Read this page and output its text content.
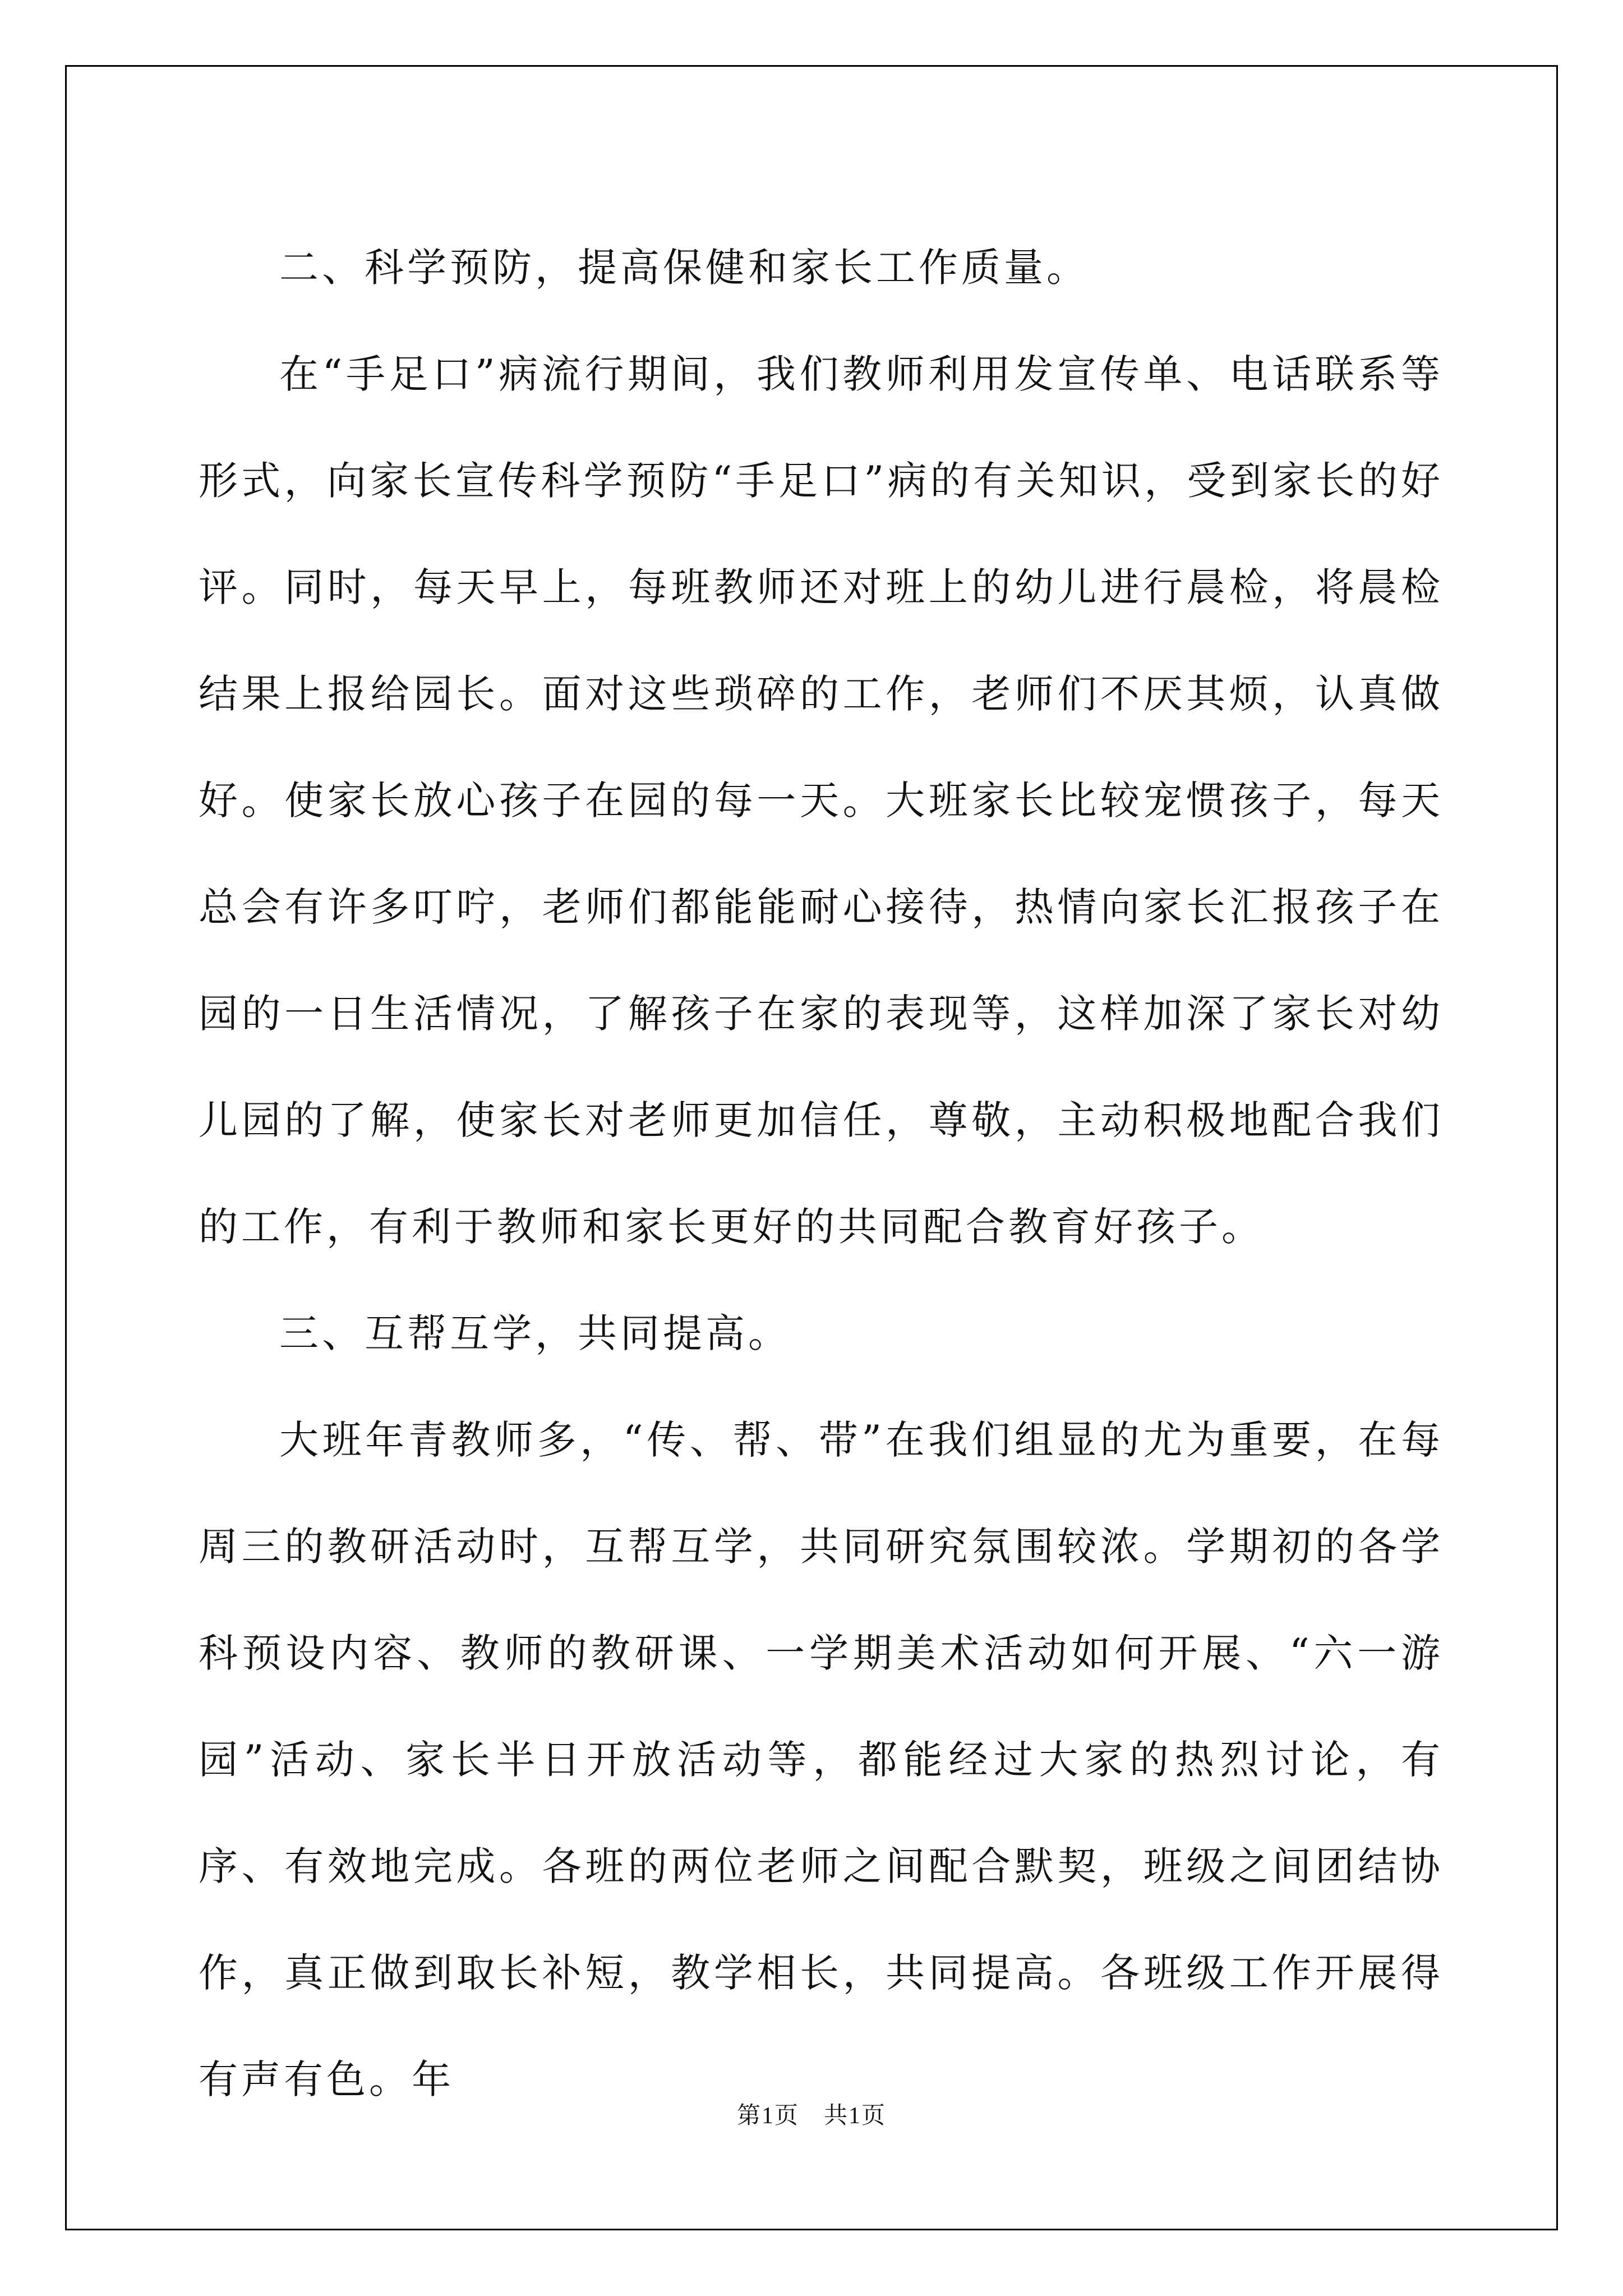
二、科学预防，提高保健和家长工作质量。

在“手足口”病流行期间，我们教师利用发宣传单、电话联系等形式，向家长宣传科学预防“手足口”病的有关知识，受到家长的好评。同时，每天早上，每班教师还对班上的幼儿进行晨检，将晨检结果上报给园长。面对这些琐碎的工作，老师们不厌其烦，认真做好。使家长放心孩子在园的每一天。大班家长比较宠惯孩子，每天总会有许多叮咛，老师们都能能耐心接待，热情向家长汇报孩子在园的一日生活情况，了解孩子在家的表现等，这样加深了家长对幼儿园的了解，使家长对老师更加信任，尊敬，主动积极地配合我们的工作，有利于教师和家长更好的共同配合教育好孩子。

三、互帮互学，共同提高。

大班年青教师多，“传、帮、带”在我们组显的尤为重要，在每周三的教研活动时，互帮互学，共同研究氛围较浓。学期初的各学科预设内容、教师的教研课、一学期美术活动如何开展、“六一游园”活动、家长半日开放活动等，都能经过大家的热烈讨论，有序、有效地完成。各班的两位老师之间配合默契，班级之间团结协作，真正做到取长补短，教学相长，共同提高。各班级工作开展得有声有色。年

第1页　共1页
